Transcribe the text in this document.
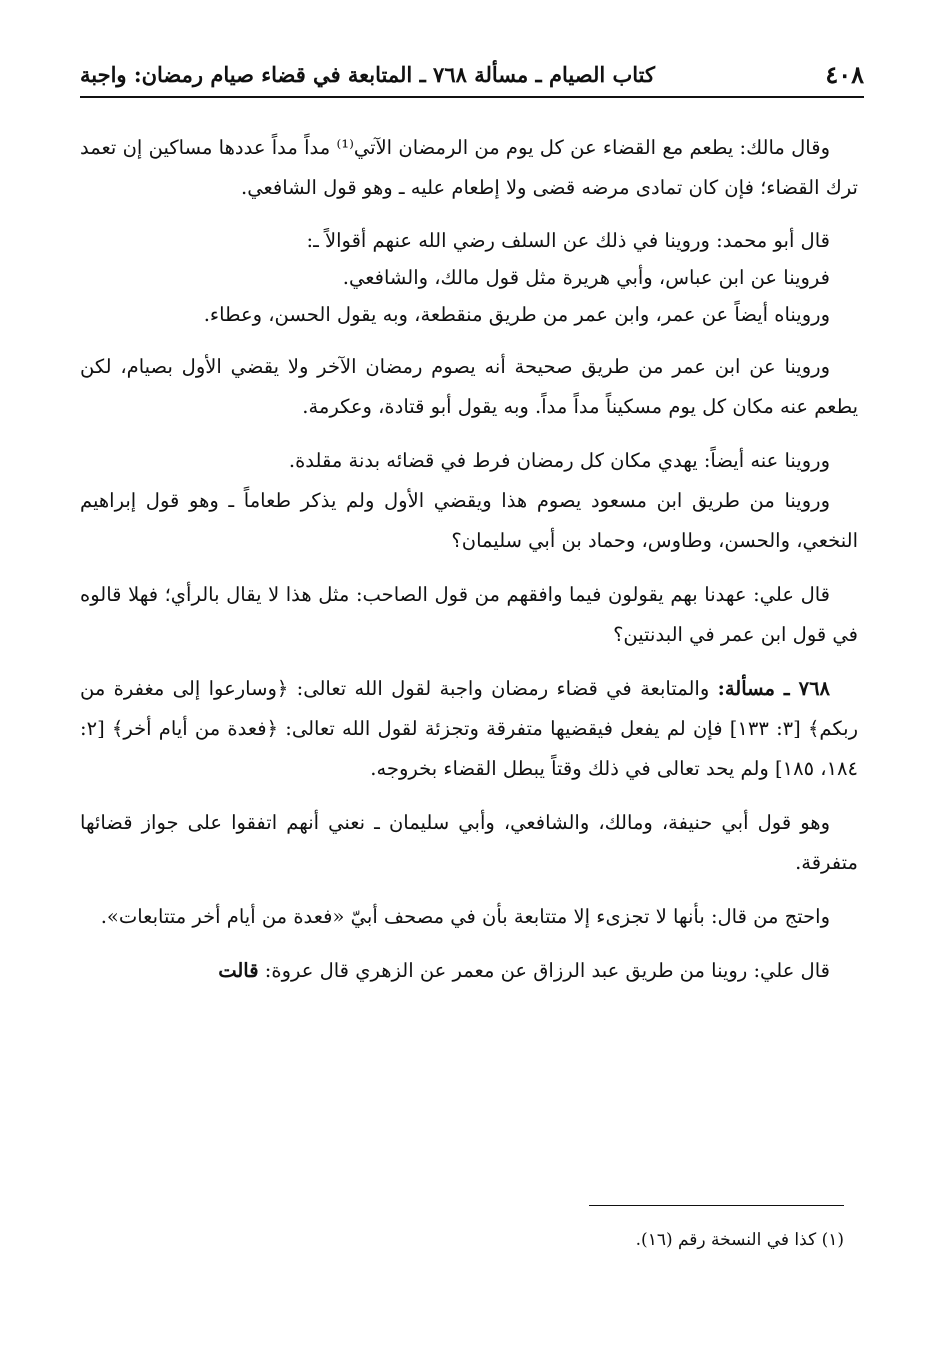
٤٠٨
كتاب الصيام ـ مسألة ٧٦٨ ـ المتابعة في قضاء صيام رمضان: واجبة

وقال مالك: يطعم مع القضاء عن كل يوم من الرمضان الآتي⁽¹⁾ مداً مداً عددها مساكين إن تعمد ترك القضاء؛ فإن كان تمادى مرضه قضى ولا إطعام عليه ـ وهو قول الشافعي.

قال أبو محمد: وروينا في ذلك عن السلف رضي الله عنهم أقوالاً ـ:

فروينا عن ابن عباس، وأبي هريرة مثل قول مالك، والشافعي.

ورويناه أيضاً عن عمر، وابن عمر من طريق منقطعة، وبه يقول الحسن، وعطاء.

وروينا عن ابن عمر من طريق صحيحة أنه يصوم رمضان الآخر ولا يقضي الأول بصيام، لكن يطعم عنه مكان كل يوم مسكيناً مداً مداً. وبه يقول أبو قتادة، وعكرمة.

وروينا عنه أيضاً: يهدي مكان كل رمضان فرط في قضائه بدنة مقلدة.

وروينا من طريق ابن مسعود يصوم هذا ويقضي الأول ولم يذكر طعاماً ـ وهو قول إبراهيم النخعي، والحسن، وطاوس، وحماد بن أبي سليمان؟

قال علي: عهدنا بهم يقولون فيما وافقهم من قول الصاحب: مثل هذا لا يقال بالرأي؛ فهلا قالوه في قول ابن عمر في البدنتين؟

٧٦٨ ـ مسألة: والمتابعة في قضاء رمضان واجبة لقول الله تعالى: ﴿وسارعوا إلى مغفرة من ربكم﴾ [٣: ١٣٣] فإن لم يفعل فيقضيها متفرقة وتجزئة لقول الله تعالى: ﴿فعدة من أيام أخر﴾ [٢: ١٨٤، ١٨٥] ولم يحد تعالى في ذلك وقتاً يبطل القضاء بخروجه.

وهو قول أبي حنيفة، ومالك، والشافعي، وأبي سليمان ـ نعني أنهم اتفقوا على جواز قضائها متفرقة.

واحتج من قال: بأنها لا تجزىء إلا متتابعة بأن في مصحف أبيّ «فعدة من أيام أخر متتابعات».

قال علي: روينا من طريق عبد الرزاق عن معمر عن الزهري قال عروة: قالت

(١) كذا في النسخة رقم (١٦).
